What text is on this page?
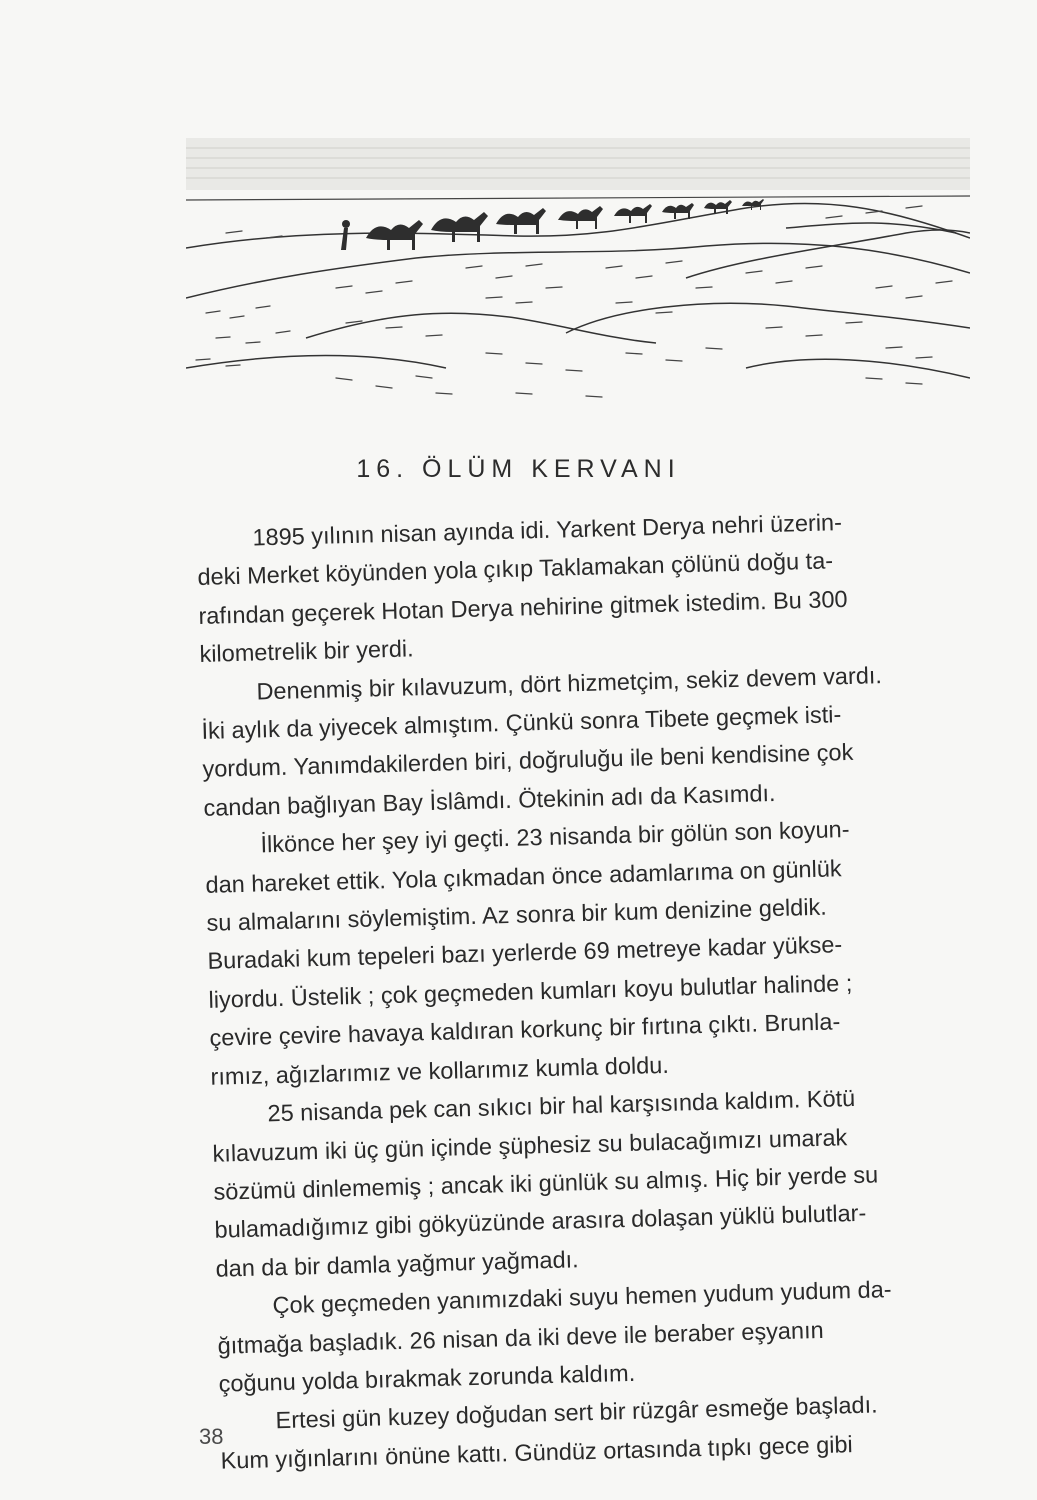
16. ÖLÜM KERVANI

1895 yılının nisan ayında idi. Yarkent Derya nehri üzerin-
deki Merket köyünden yola çıkıp Taklamakan çölünü doğu ta-
rafından geçerek Hotan Derya nehirine gitmek istedim. Bu 300
kilometrelik bir yerdi.

Denenmiş bir kılavuzum, dört hizmetçim, sekiz devem vardı.
İki aylık da yiyecek almıştım. Çünkü sonra Tibete geçmek isti-
yordum. Yanımdakilerden biri, doğruluğu ile beni kendisine çok
candan bağlıyan Bay İslâmdı. Ötekinin adı da Kasımdı.

İlkönce her şey iyi geçti. 23 nisanda bir gölün son koyun-
dan hareket ettik. Yola çıkmadan önce adamlarıma on günlük
su almalarını söylemiştim. Az sonra bir kum denizine geldik.
Buradaki kum tepeleri bazı yerlerde 69 metreye kadar yükse-
liyordu. Üstelik ; çok geçmeden kumları koyu bulutlar halinde ;
çevire çevire havaya kaldıran korkunç bir fırtına çıktı. Brunla-
rımız, ağızlarımız ve kollarımız kumla doldu.

25 nisanda pek can sıkıcı bir hal karşısında kaldım. Kötü
kılavuzum iki üç gün içinde şüphesiz su bulacağımızı umarak
sözümü dinlememiş ; ancak iki günlük su almış. Hiç bir yerde su
bulamadığımız gibi gökyüzünde arasıra dolaşan yüklü bulutlar-
dan da bir damla yağmur yağmadı.

Çok geçmeden yanımızdaki suyu hemen yudum yudum da-
ğıtmağa başladık. 26 nisan da iki deve ile beraber eşyanın
çoğunu yolda bırakmak zorunda kaldım.

Ertesi gün kuzey doğudan sert bir rüzgâr esmeğe başladı.
Kum yığınlarını önüne kattı. Gündüz ortasında tıpkı gece gibi

38
